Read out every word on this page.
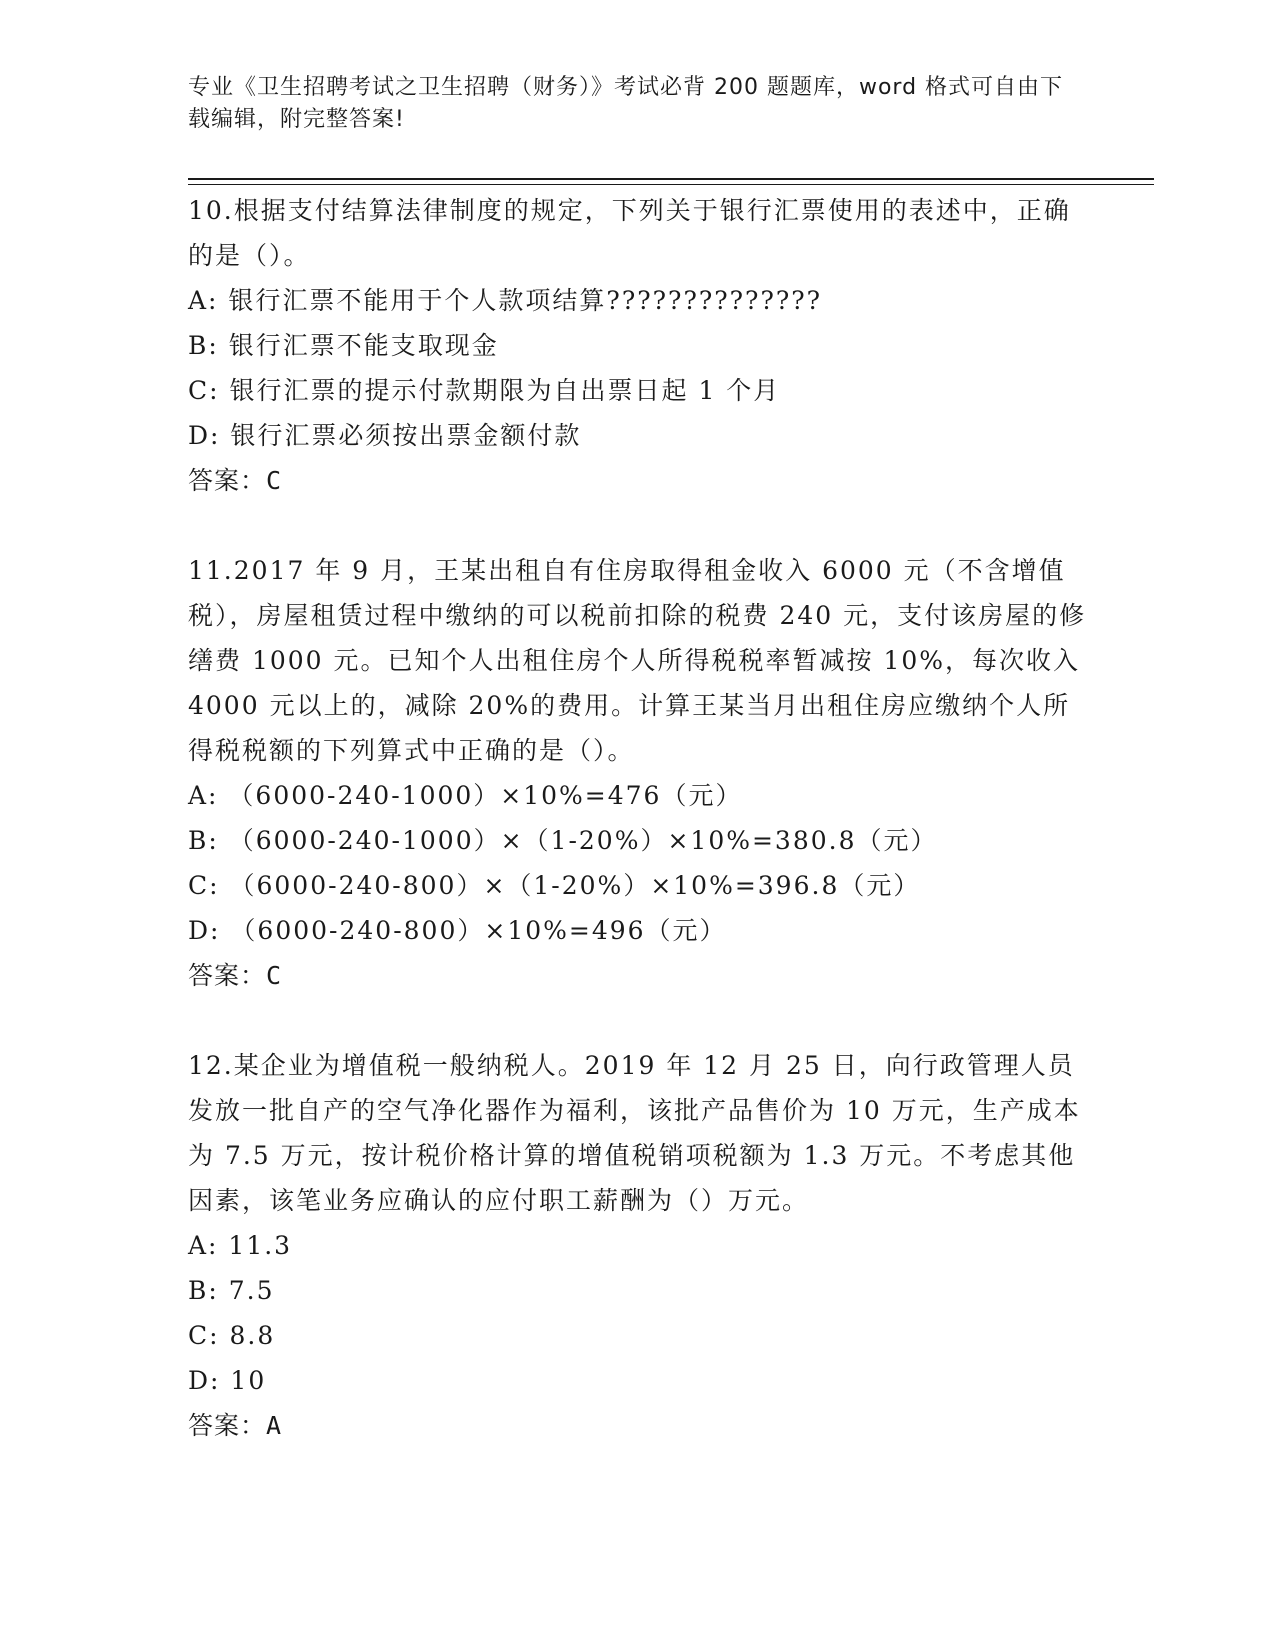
专业《卫生招聘考试之卫生招聘（财务）》考试必背 200 题题库，word 格式可自由下载编辑，附完整答案!

10.根据支付结算法律制度的规定，下列关于银行汇票使用的表述中，正确的是（）。

A: 银行汇票不能用于个人款项结算??????????????

B: 银行汇票不能支取现金

C: 银行汇票的提示付款期限为自出票日起 1 个月

D: 银行汇票必须按出票金额付款

答案：C

11.2017 年 9 月，王某出租自有住房取得租金收入 6000 元（不含增值税），房屋租赁过程中缴纳的可以税前扣除的税费 240 元，支付该房屋的修缮费 1000 元。已知个人出租住房个人所得税税率暂减按 10%，每次收入 4000 元以上的，减除 20%的费用。计算王某当月出租住房应缴纳个人所得税税额的下列算式中正确的是（）。

A: （6000-240-1000）×10%=476（元）

B: （6000-240-1000）×（1-20%）×10%=380.8（元）

C: （6000-240-800）×（1-20%）×10%=396.8（元）

D: （6000-240-800）×10%=496（元）

答案：C

12.某企业为增值税一般纳税人。2019 年 12 月 25 日，向行政管理人员发放一批自产的空气净化器作为福利，该批产品售价为 10 万元，生产成本为 7.5 万元，按计税价格计算的增值税销项税额为 1.3 万元。不考虑其他因素，该笔业务应确认的应付职工薪酬为（）万元。

A: 11.3

B: 7.5

C: 8.8

D: 10

答案：A
